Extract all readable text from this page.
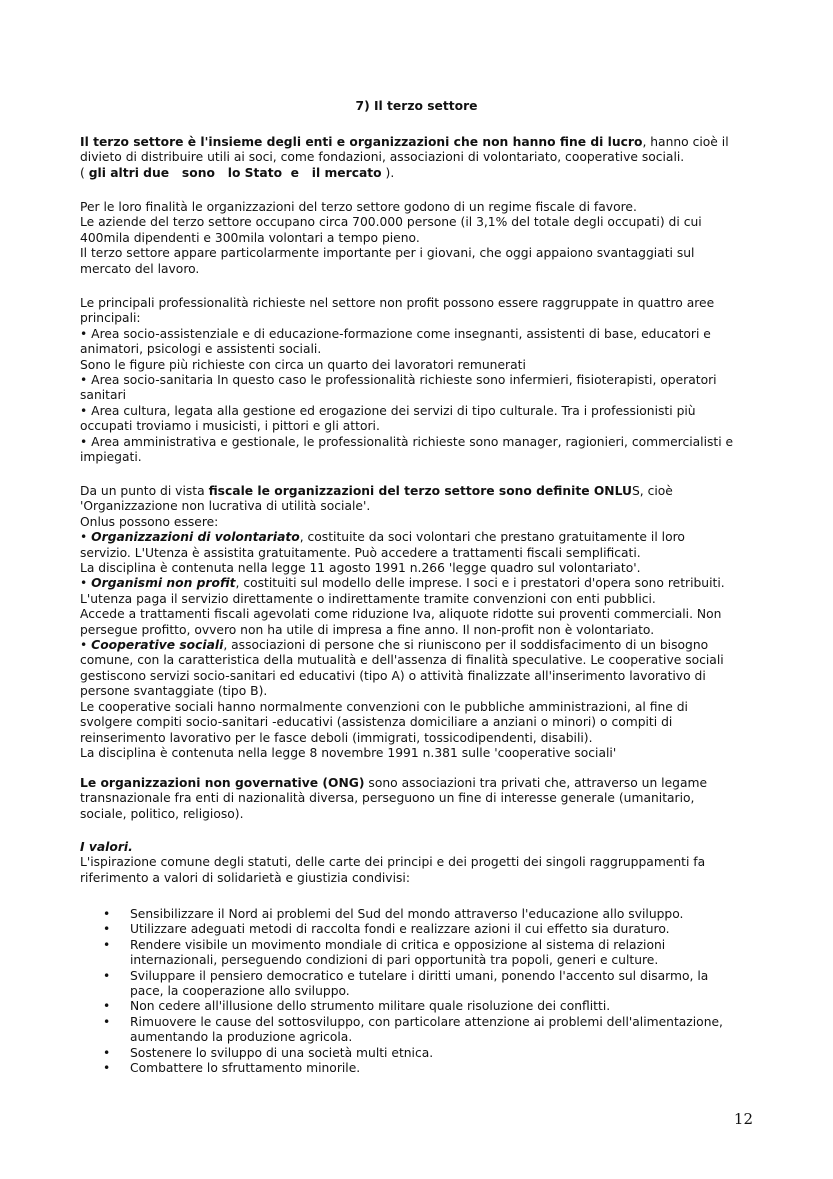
7) Il terzo settore

Il terzo settore è l'insieme degli enti e organizzazioni che non hanno fine di lucro, hanno cioè il

divieto di distribuire utili ai soci, come fondazioni, associazioni di volontariato, cooperative sociali.

( gli altri due   sono   lo Stato  e   il mercato ).

Per le loro finalità le organizzazioni del terzo settore godono di un regime fiscale di favore.

Le aziende del terzo settore occupano circa 700.000 persone (il 3,1% del totale degli occupati) di cui

400mila dipendenti e 300mila volontari a tempo pieno.

Il terzo settore appare particolarmente importante per i giovani, che oggi appaiono svantaggiati sul

mercato del lavoro.

Le principali professionalità richieste nel settore non profit possono essere raggruppate in quattro aree

principali:

• Area socio-assistenziale e di educazione-formazione come insegnanti, assistenti di base, educatori e

animatori, psicologi e assistenti sociali.

Sono le figure più richieste con circa un quarto dei lavoratori remunerati

• Area socio-sanitaria In questo caso le professionalità richieste sono infermieri, fisioterapisti, operatori

sanitari

• Area cultura, legata alla gestione ed erogazione dei servizi di tipo culturale. Tra i professionisti più

occupati troviamo i musicisti, i pittori e gli attori.

• Area amministrativa e gestionale, le professionalità richieste sono manager, ragionieri, commercialisti e

impiegati.

Da un punto di vista fiscale le organizzazioni del terzo settore sono definite ONLUS, cioè

'Organizzazione non lucrativa di utilità sociale'.

Onlus possono essere:

• Organizzazioni di volontariato, costituite da soci volontari che prestano gratuitamente il loro

servizio. L'Utenza è assistita gratuitamente. Può accedere a trattamenti fiscali semplificati.

La disciplina è contenuta nella legge 11 agosto 1991 n.266 'legge quadro sul volontariato'.

• Organismi non profit, costituiti sul modello delle imprese. I soci e i prestatori d'opera sono retribuiti.

L'utenza paga il servizio direttamente o indirettamente tramite convenzioni con enti pubblici.

Accede a trattamenti fiscali agevolati come riduzione Iva, aliquote ridotte sui proventi commerciali. Non

persegue profitto, ovvero non ha utile di impresa a fine anno. Il non-profit non è volontariato.

• Cooperative sociali, associazioni di persone che si riuniscono per il soddisfacimento di un bisogno

comune, con la caratteristica della mutualità e dell'assenza di finalità speculative. Le cooperative sociali

gestiscono servizi socio-sanitari ed educativi (tipo A) o attività finalizzate all'inserimento lavorativo di

persone svantaggiate (tipo B).

Le cooperative sociali hanno normalmente convenzioni con le pubbliche amministrazioni, al fine di

svolgere compiti socio-sanitari -educativi (assistenza domiciliare a anziani o minori) o compiti di

reinserimento lavorativo per le fasce deboli (immigrati, tossicodipendenti, disabili).

La disciplina è contenuta nella legge 8 novembre 1991 n.381 sulle 'cooperative sociali'

Le organizzazioni non governative (ONG) sono associazioni tra privati che, attraverso un legame

transnazionale fra enti di nazionalità diversa, perseguono un fine di interesse generale (umanitario,

sociale, politico, religioso).

I valori.

L'ispirazione comune degli statuti, delle carte dei principi e dei progetti dei singoli raggruppamenti fa

riferimento a valori di solidarietà e giustizia condivisi:

• Sensibilizzare il Nord ai problemi del Sud del mondo attraverso l'educazione allo sviluppo.
• Utilizzare adeguati metodi di raccolta fondi e realizzare azioni il cui effetto sia duraturo.
• Rendere visibile un movimento mondiale di critica e opposizione al sistema di relazioni
internazionali, perseguendo condizioni di pari opportunità tra popoli, generi e culture.
• Sviluppare il pensiero democratico e tutelare i diritti umani, ponendo l'accento sul disarmo, la
pace, la cooperazione allo sviluppo.
• Non cedere all'illusione dello strumento militare quale risoluzione dei conflitti.
• Rimuovere le cause del sottosviluppo, con particolare attenzione ai problemi dell'alimentazione,
aumentando la produzione agricola.
• Sostenere lo sviluppo di una società multi etnica.
• Combattere lo sfruttamento minorile.
12
